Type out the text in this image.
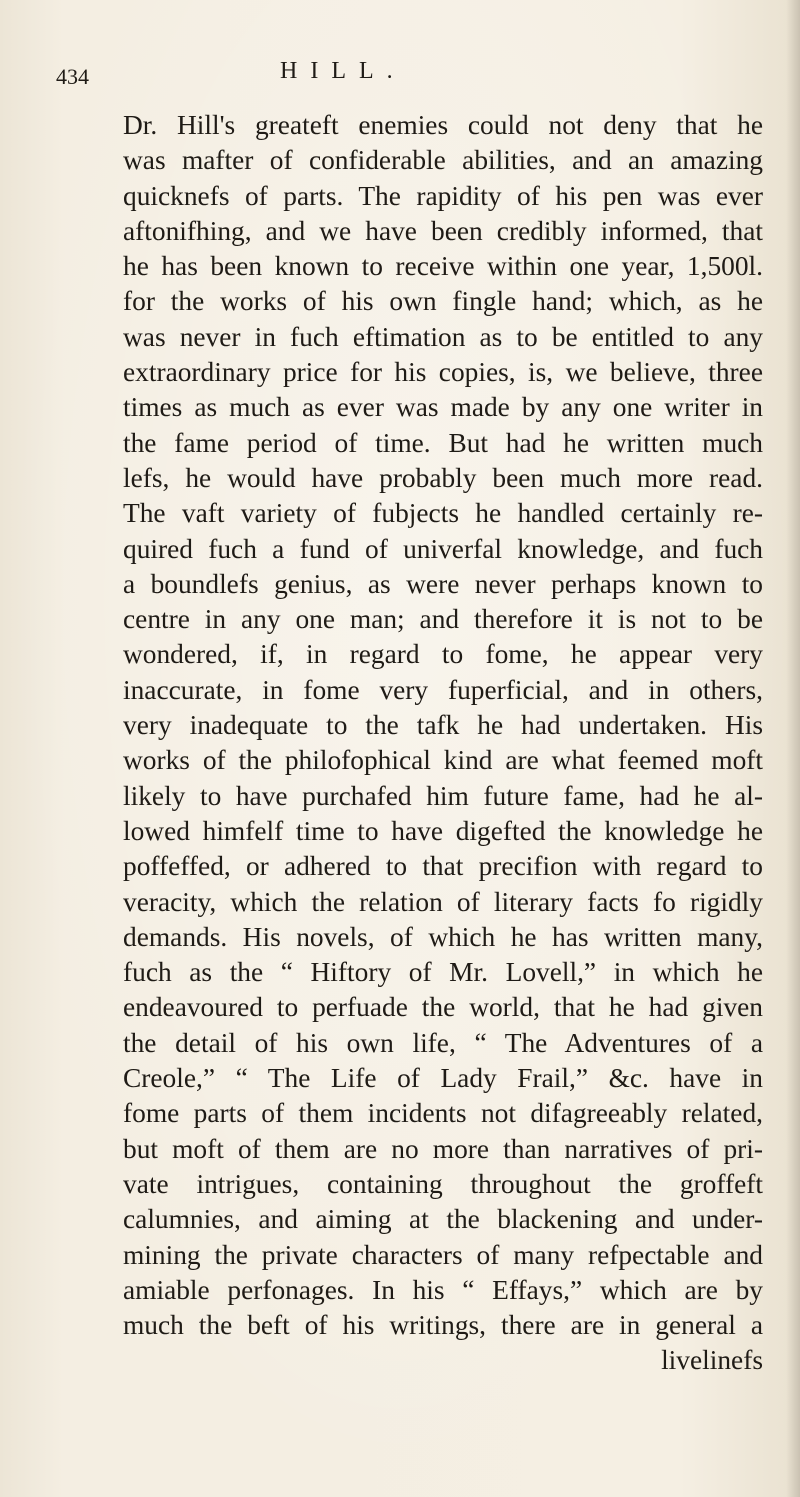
434	HILL.
Dr. Hill's greateft enemies could not deny that he
was mafter of confiderable abilities, and an amazing
quicknefs of parts. The rapidity of his pen was ever
aftonifhing, and we have been credibly informed, that
he has been known to receive within one year, 1,500l.
for the works of his own fingle hand; which, as he
was never in fuch eftimation as to be entitled to any
extraordinary price for his copies, is, we believe, three
times as much as ever was made by any one writer in
the fame period of time. But had he written much
lefs, he would have probably been much more read.
The vaft variety of fubjects he handled certainly re-
quired fuch a fund of univerfal knowledge, and fuch
a boundlefs genius, as were never perhaps known to
centre in any one man; and therefore it is not to be
wondered, if, in regard to fome, he appear very
inaccurate, in fome very fuperficial, and in others,
very inadequate to the tafk he had undertaken. His
works of the philofophical kind are what feemed moft
likely to have purchafed him future fame, had he al-
lowed himfelf time to have digefted the knowledge he
poffeffed, or adhered to that precifion with regard to
veracity, which the relation of literary facts fo rigidly
demands. His novels, of which he has written many,
fuch as the “ Hiftory of Mr. Lovell,” in which he
endeavoured to perfuade the world, that he had given
the detail of his own life, “ The Adventures of a
Creole,” “ The Life of Lady Frail,” &c. have in
fome parts of them incidents not difagreeably related,
but moft of them are no more than narratives of pri-
vate intrigues, containing throughout the groffeft
calumnies, and aiming at the blackening and under-
mining the private characters of many refpectable and
amiable perfonages. In his “ Effays,” which are by
much the beft of his writings, there are in general a
livelinefs
